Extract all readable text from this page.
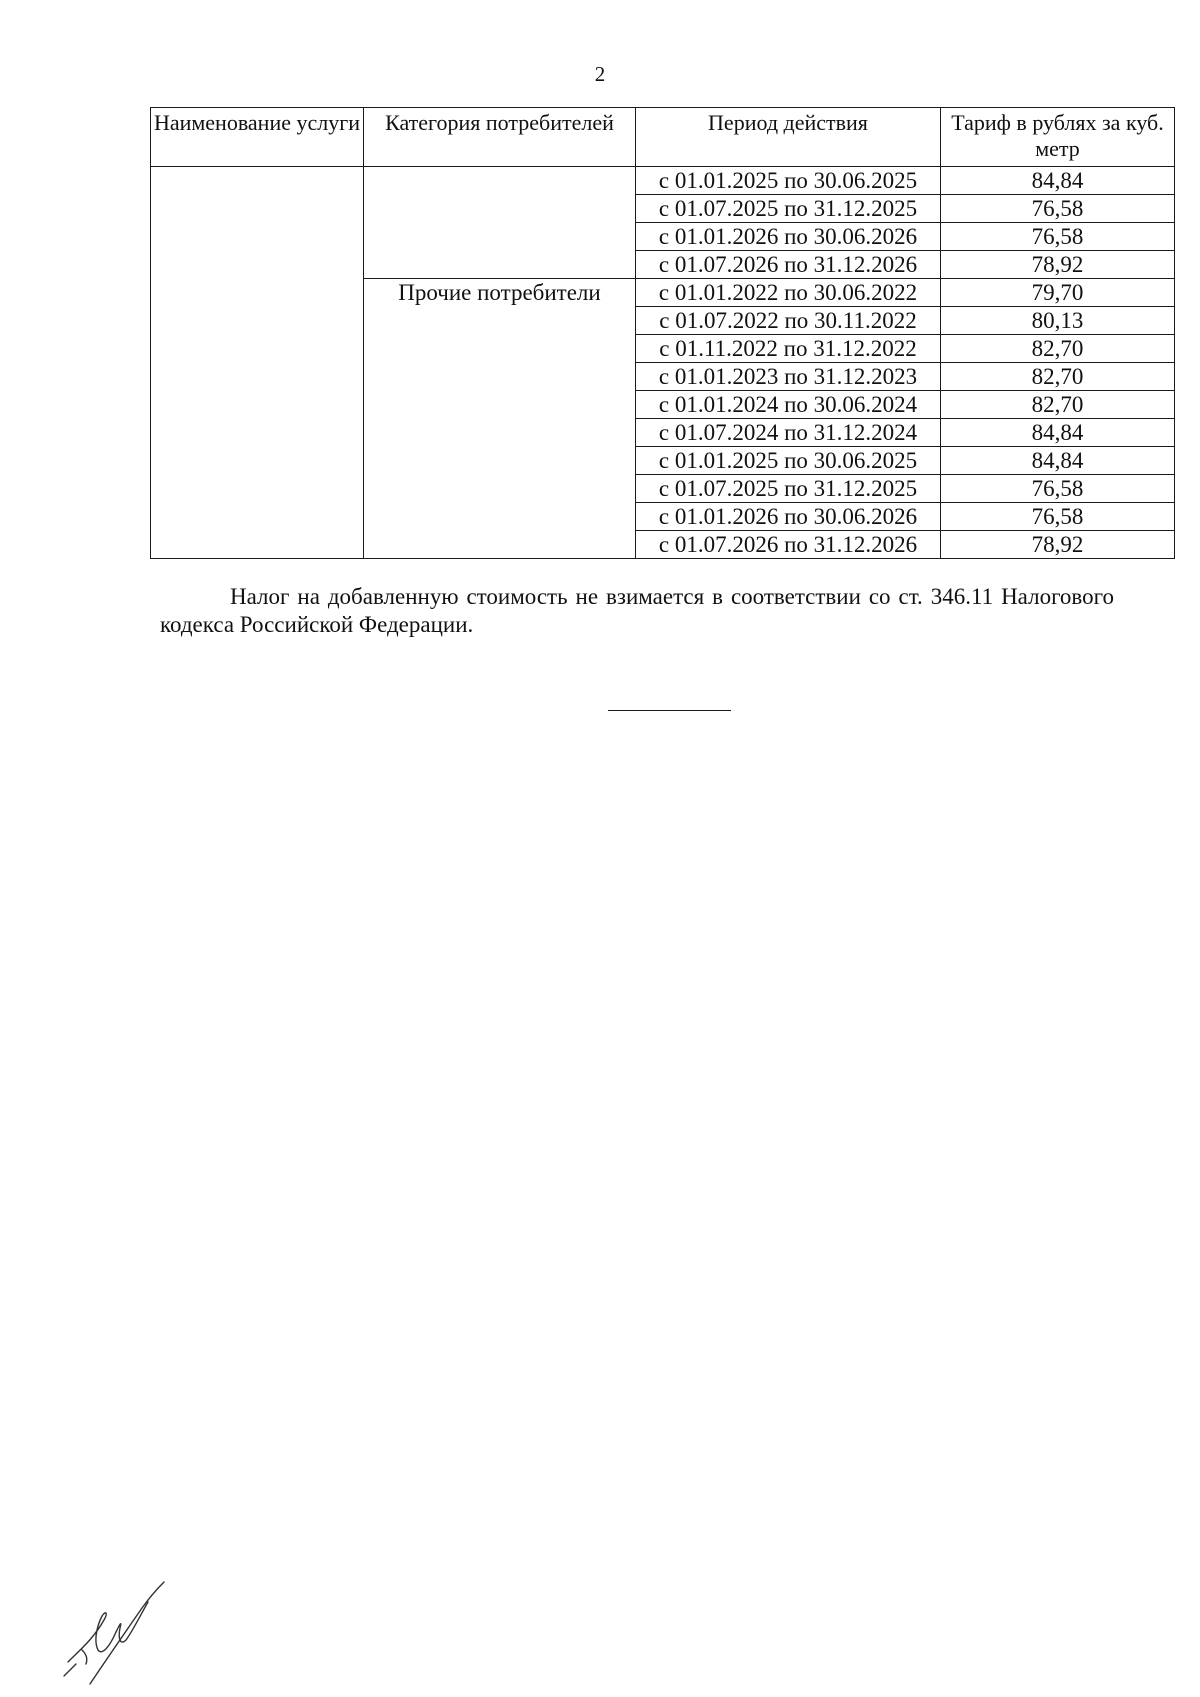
2
Наименование услуги	Категория потребителей	Период действия	Тариф в рублях за куб. метр
		с 01.01.2025 по 30.06.2025	84,84
		с 01.07.2025 по 31.12.2025	76,58
		с 01.01.2026 по 30.06.2026	76,58
		с 01.07.2026 по 31.12.2026	78,92
	Прочие потребители	с 01.01.2022 по 30.06.2022	79,70
		с 01.07.2022 по 30.11.2022	80,13
		с 01.11.2022 по 31.12.2022	82,70
		с 01.01.2023 по 31.12.2023	82,70
		с 01.01.2024 по 30.06.2024	82,70
		с 01.07.2024 по 31.12.2024	84,84
		с 01.01.2025 по 30.06.2025	84,84
		с 01.07.2025 по 31.12.2025	76,58
		с 01.01.2026 по 30.06.2026	76,58
		с 01.07.2026 по 31.12.2026	78,92
Налог на добавленную стоимость не взимается в соответствии со ст. 346.11 Налогового кодекса Российской Федерации.
